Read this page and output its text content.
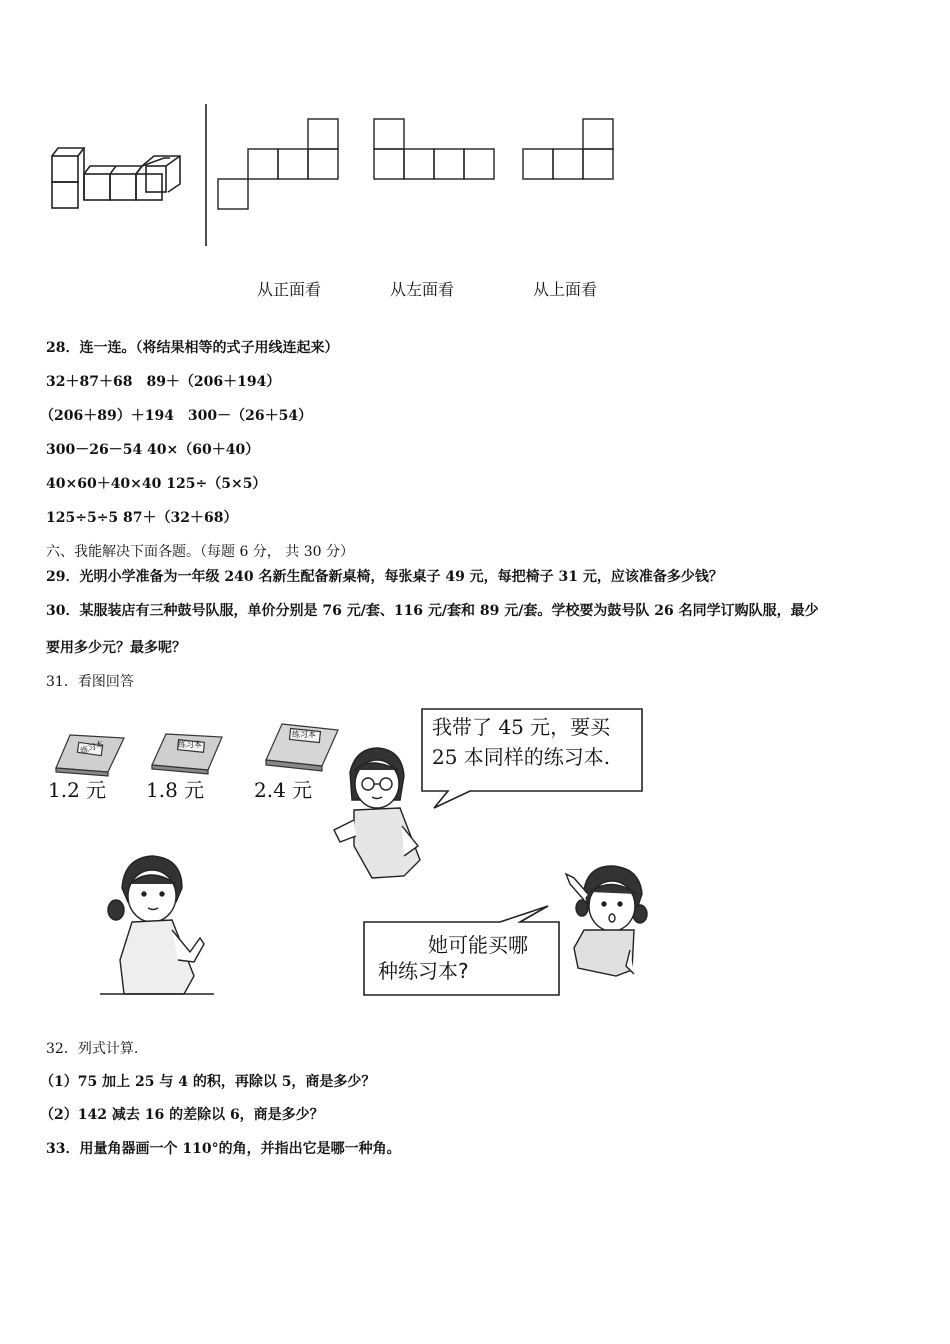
练习本	练习本
练习本
从正面看	从左面看	从上面看
28．连一连。（将结果相等的式子用线连起来）
32＋87＋68　89＋（206＋194）
（206＋89）＋194　300－（26＋54）
300－26－54 40×（60＋40）
40×60＋40×40 125÷（5×5）
125÷5÷5 87＋（32＋68）
六、我能解决下面各题。（每题 6 分， 共 30 分）
29．光明小学准备为一年级 240 名新生配备新桌椅，每张桌子 49 元，每把椅子 31 元，应该准备多少钱？
30．某服装店有三种鼓号队服，单价分别是 76 元/套、116 元/套和 89 元/套。学校要为鼓号队 26 名同学订购队服，最少
要用多少元？最多呢？
31．看图回答
1.2 元 1.8 元 2.4 元
我带了 45 元，要买
25 本同样的练习本.
她可能买哪
种练习本?
32．列式计算.
（1）75 加上 25 与 4 的积，再除以 5，商是多少？
（2）142 减去 16 的差除以 6，商是多少？
33．用量角器画一个 110°的角，并指出它是哪一种角。
